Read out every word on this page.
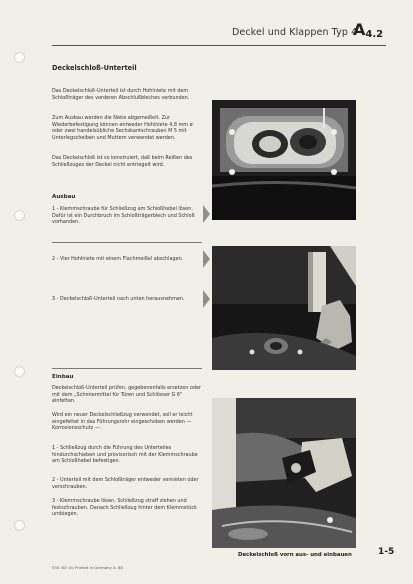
Deckel und Klappen Typ 4
$A_{4.2}$
Deckelschloß-Unterteil
Das Deckelschloß-Unterteil ist durch Hohlniete mit dem Schloßträger des vorderen Abschlußbleches verbunden.
Zum Ausbau werden die Niete abgemeißelt. Zur Wiederbefestigung können entweder Hohlniete 4,8 mm ø oder zwei handelsübliche Sechskantschrauben M 5 mit Unterlegscheiben und Muttern verwendet werden.
Das Deckelschloß ist so konstruiert, daß beim Reißen des Schließzuges der Deckel nicht entriegelt wird.
Ausbau
1 - Klemmschraube für Schließzug am Schloßhebel lösen. Dafür ist ein Durchbruch im Schloßträgerblech und Schloß vorhanden.
2 - Vier Hohlniete mit einem Flachmeißel abschlagen.
3 - Deckelschloß-Unterteil nach unten herausnehmen.
Einbau
Deckelschloß-Unterteil prüfen, gegebenenfalls ersetzen oder mit dem „Schmiermittel für Türen und Schlösser G 6" einfetten.
Wird ein neuer Deckelschließzug verwendet, soll er leicht eingefettet in das Führungsrohr eingeschoben werden — Korrosionsschutz —.
1 - Schließzug durch die Führung des Unterteiles hindurchschieben und provisorisch mit der Klemmschraube am Schloßhebel befestigen.
2 - Unterteil mit dem Schloßträger entweder vernieten oder verschrauben.
3 - Klemmschraube lösen, Schließzug straff ziehen und festschrauben. Danach Schließzug hinter dem Klemmstück umbiegen.
Deckelschloß vorn aus- und einbauen	1-5
530 307 00 Printed in Germany X. 68
